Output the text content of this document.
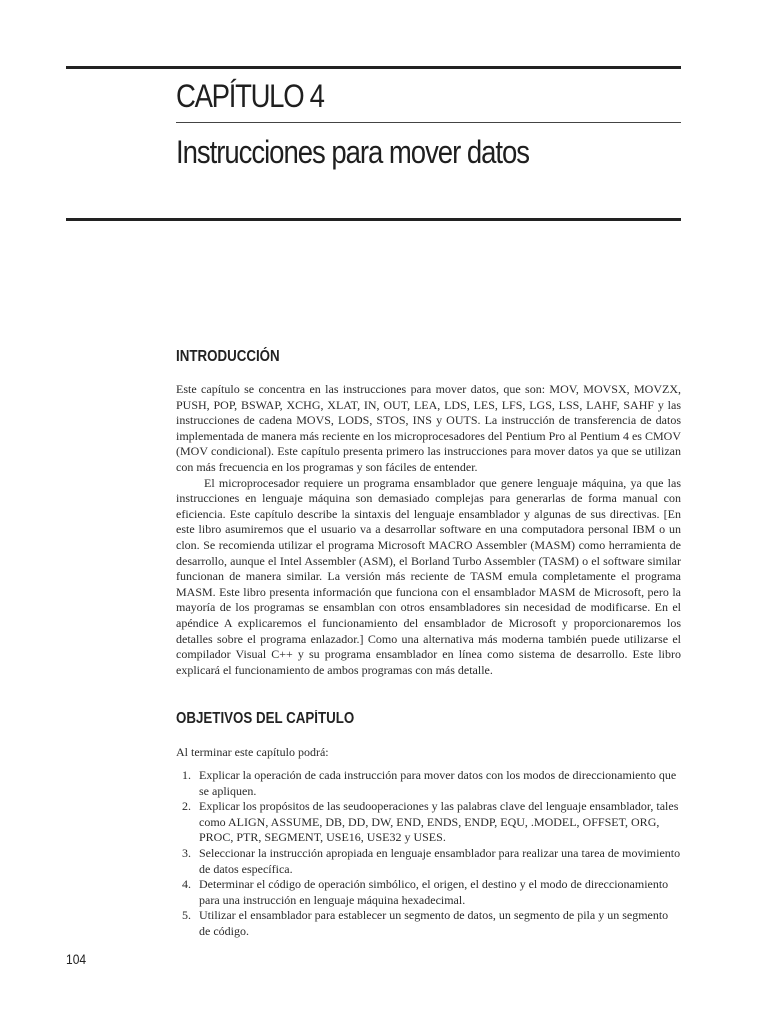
CAPÍTULO 4
Instrucciones para mover datos
INTRODUCCIÓN

Este capítulo se concentra en las instrucciones para mover datos, que son: MOV, MOVSX, MOVZX, PUSH, POP, BSWAP, XCHG, XLAT, IN, OUT, LEA, LDS, LES, LFS, LGS, LSS, LAHF, SAHF y las instrucciones de cadena MOVS, LODS, STOS, INS y OUTS. La instrucción de transferencia de datos implementada de manera más reciente en los microprocesadores del Pentium Pro al Pentium 4 es CMOV (MOV condicional). Este capítulo presenta primero las instrucciones para mover datos ya que se utilizan con más frecuencia en los programas y son fáciles de entender.

El microprocesador requiere un programa ensamblador que genere lenguaje máquina, ya que las instrucciones en lenguaje máquina son demasiado complejas para generarlas de forma manual con eficiencia. Este capítulo describe la sintaxis del lenguaje ensamblador y algunas de sus directivas. [En este libro asumiremos que el usuario va a desarrollar software en una computadora personal IBM o un clon. Se recomienda utilizar el programa Microsoft MACRO Assembler (MASM) como herramienta de desarrollo, aunque el Intel Assembler (ASM), el Borland Turbo Assembler (TASM) o el software similar funcionan de manera similar. La versión más reciente de TASM emula completamente el programa MASM. Este libro presenta información que funciona con el ensamblador MASM de Microsoft, pero la mayoría de los programas se ensamblan con otros ensambladores sin necesidad de modificarse. En el apéndice A explicaremos el funcionamiento del ensamblador de Microsoft y proporcionaremos los detalles sobre el programa enlazador.] Como una alternativa más moderna también puede utilizarse el compilador Visual C++ y su programa ensamblador en línea como sistema de desarrollo. Este libro explicará el funcionamiento de ambos programas con más detalle.

OBJETIVOS DEL CAPÍTULO

Al terminar este capítulo podrá:

1. Explicar la operación de cada instrucción para mover datos con los modos de direccionamiento que se apliquen.
2. Explicar los propósitos de las seudooperaciones y las palabras clave del lenguaje ensamblador, tales como ALIGN, ASSUME, DB, DD, DW, END, ENDS, ENDP, EQU, .MODEL, OFFSET, ORG, PROC, PTR, SEGMENT, USE16, USE32 y USES.
3. Seleccionar la instrucción apropiada en lenguaje ensamblador para realizar una tarea de movimiento de datos específica.
4. Determinar el código de operación simbólico, el origen, el destino y el modo de direccionamiento para una instrucción en lenguaje máquina hexadecimal.
5. Utilizar el ensamblador para establecer un segmento de datos, un segmento de pila y un segmento de código.
104
